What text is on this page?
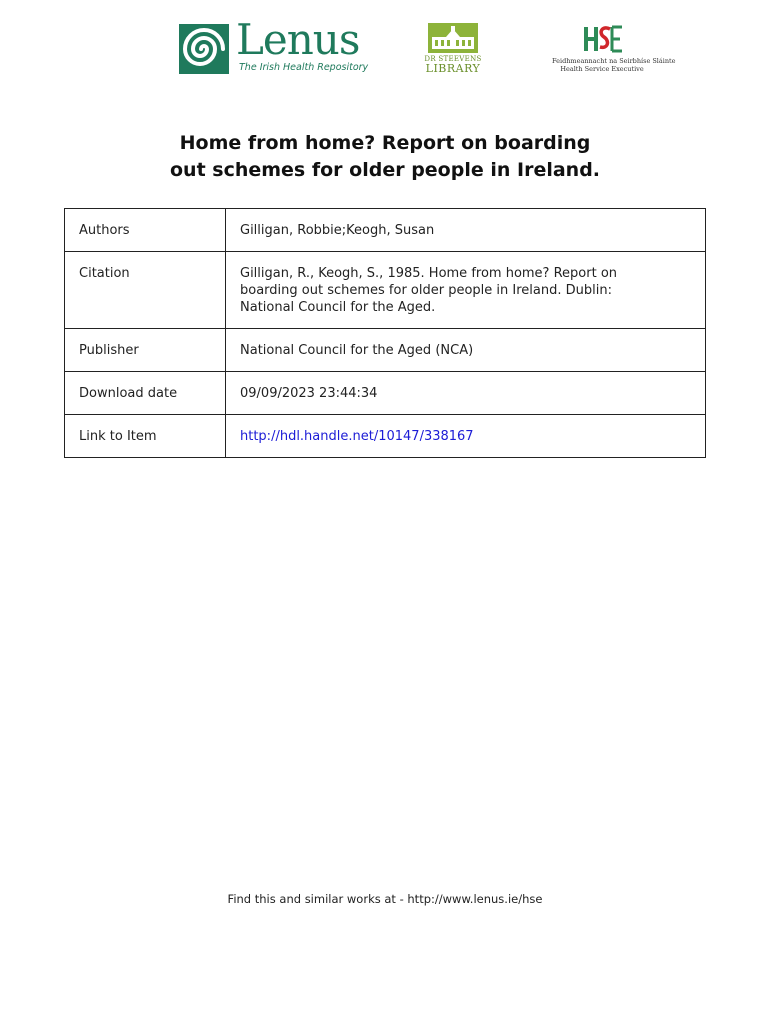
Lenus
The Irish Health Repository
DR STEEVENS
LIBRARY
Feidhmeannacht na Seirbhíse Sláinte
Health Service Executive
Home from home? Report on boarding
out schemes for older people in Ireland.
Authors	Gilligan, Robbie;Keogh, Susan
Citation	Gilligan, R., Keogh, S., 1985. Home from home? Report on
boarding out schemes for older people in Ireland. Dublin:
National Council for the Aged.

Publisher	National Council for the Aged (NCA)
Download date	09/09/2023 23:44:34
Link to Item	http://hdl.handle.net/10147/338167
Find this and similar works at - http://www.lenus.ie/hse
